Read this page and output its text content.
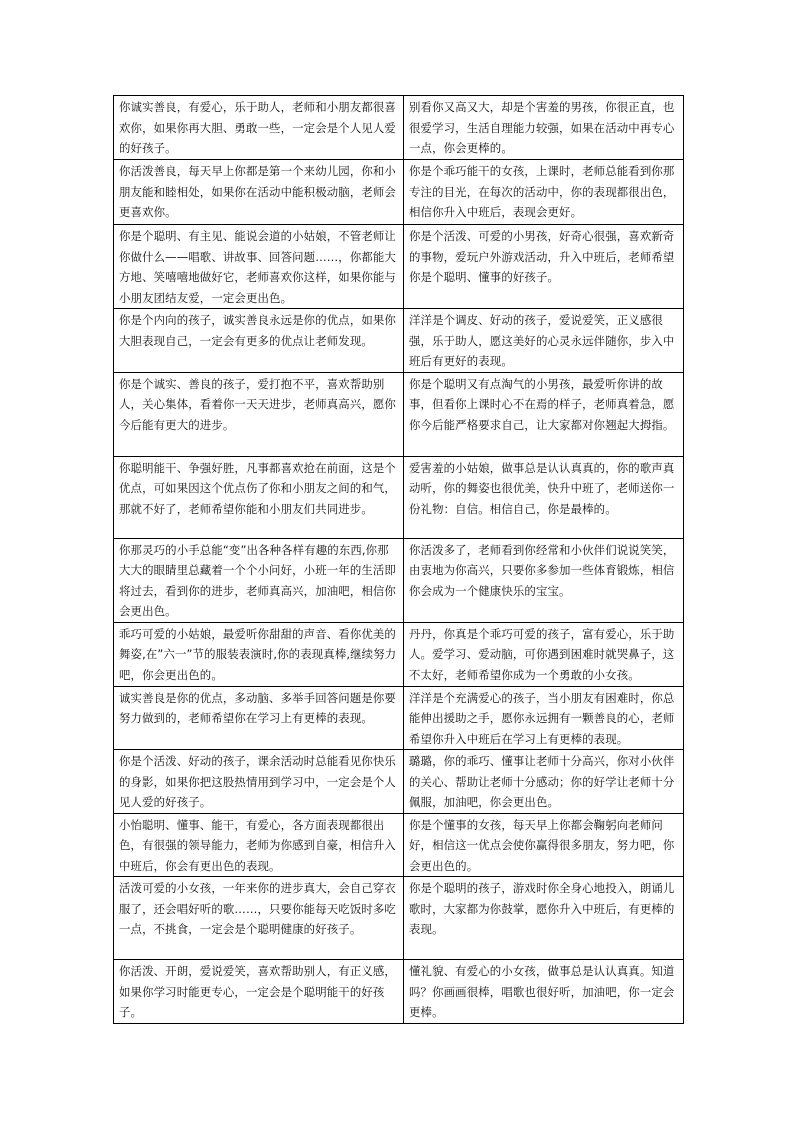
你诚实善良，有爱心，乐于助人，老师和小朋友都很喜欢你，如果你再大胆、勇敢一些，一定会是个人见人爱的好孩子。	别看你又高又大，却是个害羞的男孩，你很正直，也很爱学习，生活自理能力较强，如果在活动中再专心一点，你会更棒的。
你活泼善良，每天早上你都是第一个来幼儿园，你和小朋友能和睦相处，如果你在活动中能积极动脑，老师会更喜欢你。	你是个乖巧能干的女孩，上课时，老师总能看到你那专注的目光，在每次的活动中，你的表现都很出色，相信你升入中班后，表现会更好。
你是个聪明、有主见、能说会道的小姑娘，不管老师让你做什么——唱歌、讲故事、回答问题……，你都能大方地、笑嘻嘻地做好它，老师喜欢你这样，如果你能与小朋友团结友爱，一定会更出色。	你是个活泼、可爱的小男孩，好奇心很强，喜欢新奇的事物，爱玩户外游戏活动，升入中班后，老师希望你是个聪明、懂事的好孩子。
你是个内向的孩子，诚实善良永远是你的优点，如果你大胆表现自己，一定会有更多的优点让老师发现。	洋洋是个调皮、好动的孩子，爱说爱笑，正义感很强，乐于助人，愿这美好的心灵永远伴随你，步入中班后有更好的表现。
你是个诚实、善良的孩子，爱打抱不平，喜欢帮助别人，关心集体，看着你一天天进步，老师真高兴，愿你今后能有更大的进步。	你是个聪明又有点淘气的小男孩，最爱听你讲的故事，但看你上课时心不在焉的样子，老师真着急，愿你今后能严格要求自己，让大家都对你翘起大拇指。
你聪明能干、争强好胜，凡事都喜欢抢在前面，这是个优点，可如果因这个优点伤了你和小朋友之间的和气，那就不好了，老师希望你能和小朋友们共同进步。	爱害羞的小姑娘，做事总是认认真真的，你的歌声真动听，你的舞姿也很优美，快升中班了，老师送你一份礼物：自信。相信自己，你是最棒的。
你那灵巧的小手总能“变”出各种各样有趣的东西,你那大大的眼睛里总藏着一个个小问好，小班一年的生活即将过去，看到你的进步，老师真高兴，加油吧，相信你会更出色。	你活泼多了，老师看到你经常和小伙伴们说说笑笑，由衷地为你高兴，只要你多参加一些体育锻炼，相信你会成为一个健康快乐的宝宝。
乖巧可爱的小姑娘，最爱听你甜甜的声音、看你优美的舞姿,在”六一”节的服装表演时,你的表现真棒,继续努力吧，你会更出色的。	丹丹，你真是个乖巧可爱的孩子，富有爱心，乐于助人。爱学习、爱动脑，可你遇到困难时就哭鼻子，这不太好，老师希望你成为一个勇敢的小女孩。
诚实善良是你的优点，多动脑、多举手回答问题是你要努力做到的，老师希望你在学习上有更棒的表现。	洋洋是个充满爱心的孩子，当小朋友有困难时，你总能伸出援助之手，愿你永远拥有一颗善良的心，老师希望你升入中班后在学习上有更棒的表现。
你是个活泼、好动的孩子，课余活动时总能看见你快乐的身影，如果你把这股热情用到学习中，一定会是个人见人爱的好孩子。	璐璐，你的乖巧、懂事让老师十分高兴，你对小伙伴的关心、帮助让老师十分感动；你的好学让老师十分佩服，加油吧，你会更出色。
小怡聪明、懂事、能干，有爱心，各方面表现都很出色，有很强的领导能力，老师为你感到自豪，相信升入中班后，你会有更出色的表现。	你是个懂事的女孩，每天早上你都会鞠躬向老师问好，相信这一优点会使你赢得很多朋友，努力吧，你会更出色的。
活泼可爱的小女孩，一年来你的进步真大，会自己穿衣服了，还会唱好听的歌……，只要你能每天吃饭时多吃一点，不挑食，一定会是个聪明健康的好孩子。	你是个聪明的孩子，游戏时你全身心地投入，朗诵儿歌时，大家都为你鼓掌，愿你升入中班后，有更棒的表现。
你活泼、开朗，爱说爱笑，喜欢帮助别人，有正义感，如果你学习时能更专心，一定会是个聪明能干的好孩子。	懂礼貌、有爱心的小女孩，做事总是认认真真。知道吗？你画画很棒，唱歌也很好听，加油吧，你一定会更棒。
